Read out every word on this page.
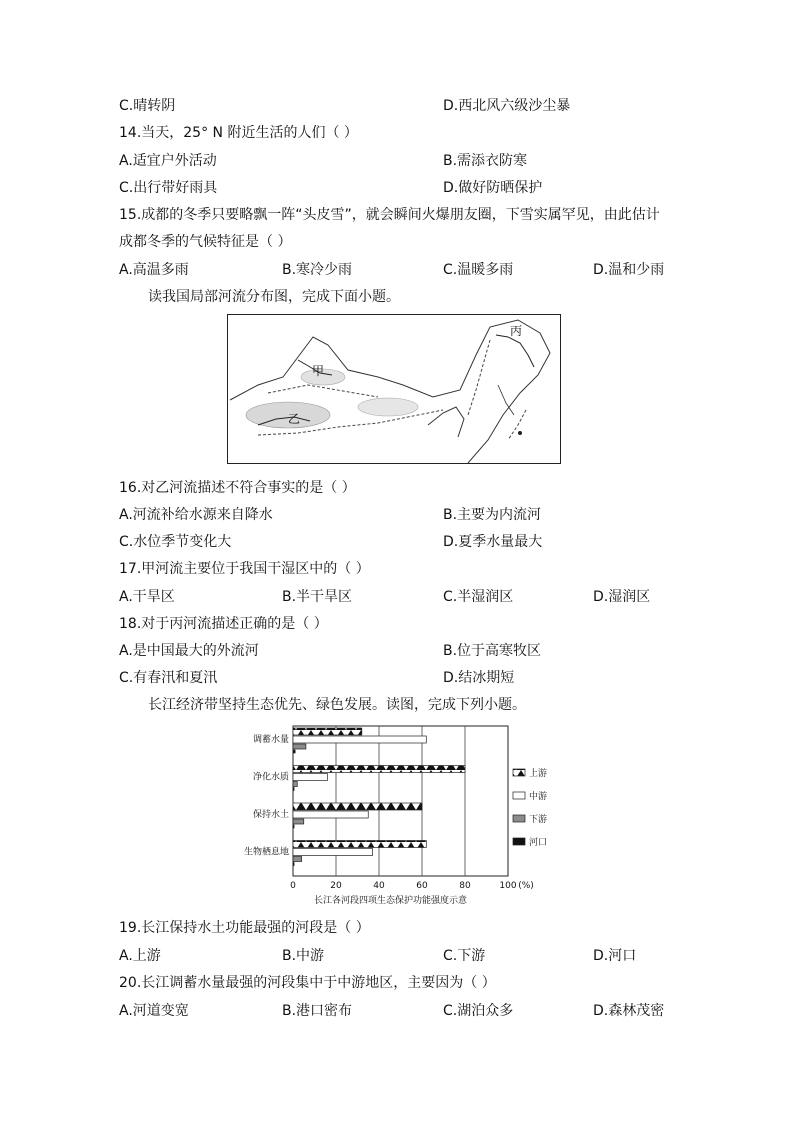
C.晴转阴	D.西北风六级沙尘暴
14.当天，25° N 附近生活的人们（ ）
A.适宜户外活动	B.需添衣防寒
C.出行带好雨具	D.做好防晒保护
15.成都的冬季只要略飘一阵“头皮雪”，就会瞬间火爆朋友圈，下雪实属罕见，由此估计
成都冬季的气候特征是（ ）
A.高温多雨	B.寒冷少雨	C.温暖多雨	D.温和少雨
读我国局部河流分布图，完成下面小题。
甲
乙
丙
16.对乙河流描述不符合事实的是（ ）
A.河流补给水源来自降水	B.主要为内流河
C.水位季节变化大	D.夏季水量最大
17.甲河流主要位于我国干湿区中的（ ）
A.干旱区	B.半干旱区	C.半湿润区	D.湿润区
18.对于丙河流描述正确的是（ ）
A.是中国最大的外流河	B.位于高寒牧区
C.有春汛和夏汛	D.结冰期短
长江经济带坚持生态优先、绿色发展。读图，完成下列小题。
0	20	40	60	80	100 (%)
长江各河段四项生态保护功能强度示意
调蓄水量
净化水质
保持水土
生物栖息地
上游
中游
下游
河口
19.长江保持水土功能最强的河段是（ ）
A.上游	B.中游	C.下游	D.河口
20.长江调蓄水量最强的河段集中于中游地区，主要因为（ ）
A.河道变宽	B.港口密布	C.湖泊众多	D.森林茂密
